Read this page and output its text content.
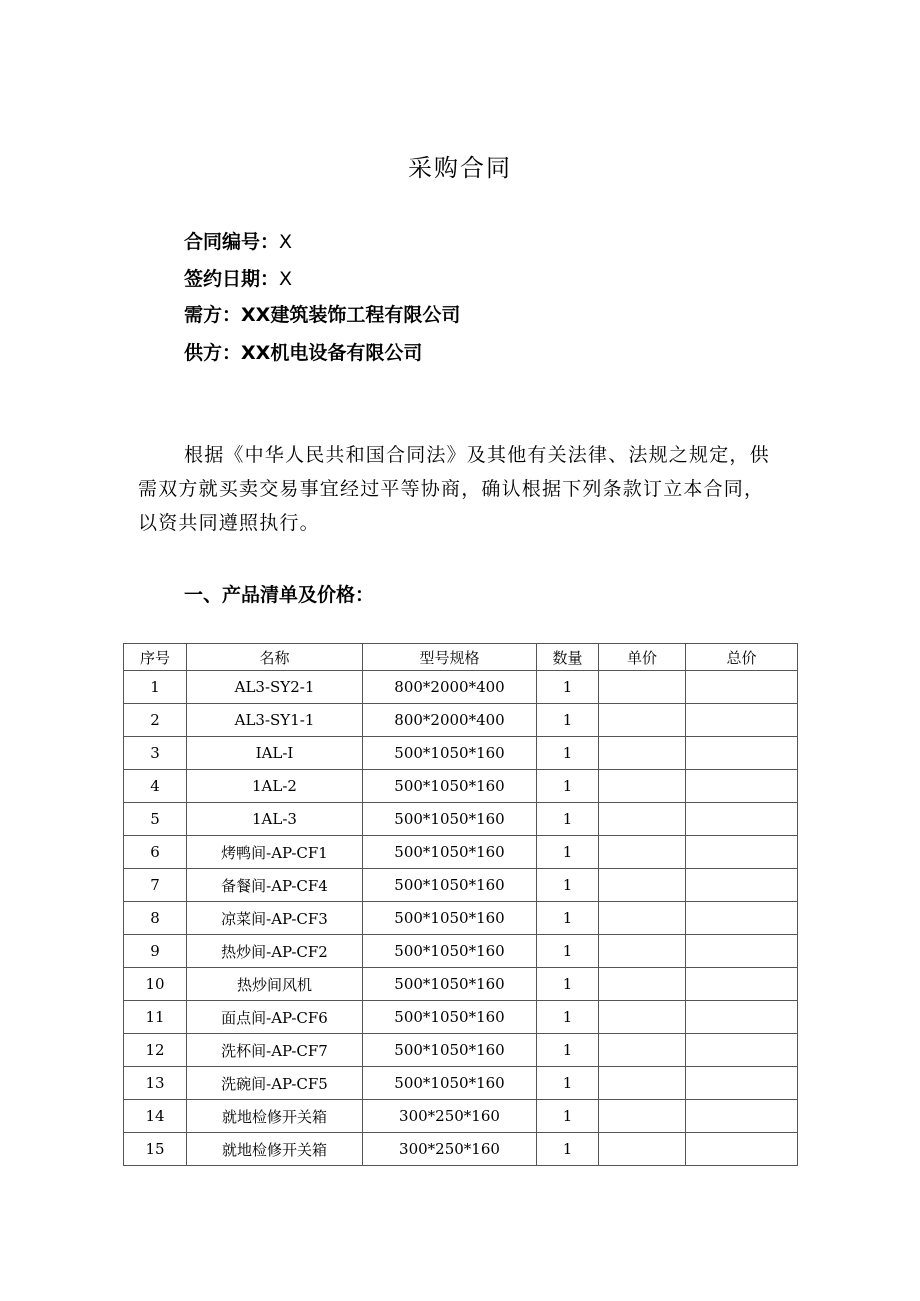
采购合同
合同编号：X
签约日期：X
需方：XX建筑装饰工程有限公司
供方：XX机电设备有限公司
根据《中华人民共和国合同法》及其他有关法律、法规之规定，供需双方就买卖交易事宜经过平等协商，确认根据下列条款订立本合同，以资共同遵照执行。
一、产品清单及价格：
序号	名称	型号规格	数量	单价	总价
1	AL3-SY2-1	800*2000*400	1		
2	AL3-SY1-1	800*2000*400	1		
3	IAL-I	500*1050*160	1		
4	1AL-2	500*1050*160	1		
5	1AL-3	500*1050*160	1		
6	烤鸭间-AP-CF1	500*1050*160	1		
7	备餐间-AP-CF4	500*1050*160	1		
8	凉菜间-AP-CF3	500*1050*160	1		
9	热炒间-AP-CF2	500*1050*160	1		
10	热炒间风机	500*1050*160	1		
11	面点间-AP-CF6	500*1050*160	1		
12	洗杯间-AP-CF7	500*1050*160	1		
13	洗碗间-AP-CF5	500*1050*160	1		
14	就地检修开关箱	300*250*160	1		
15	就地检修开关箱	300*250*160	1		
